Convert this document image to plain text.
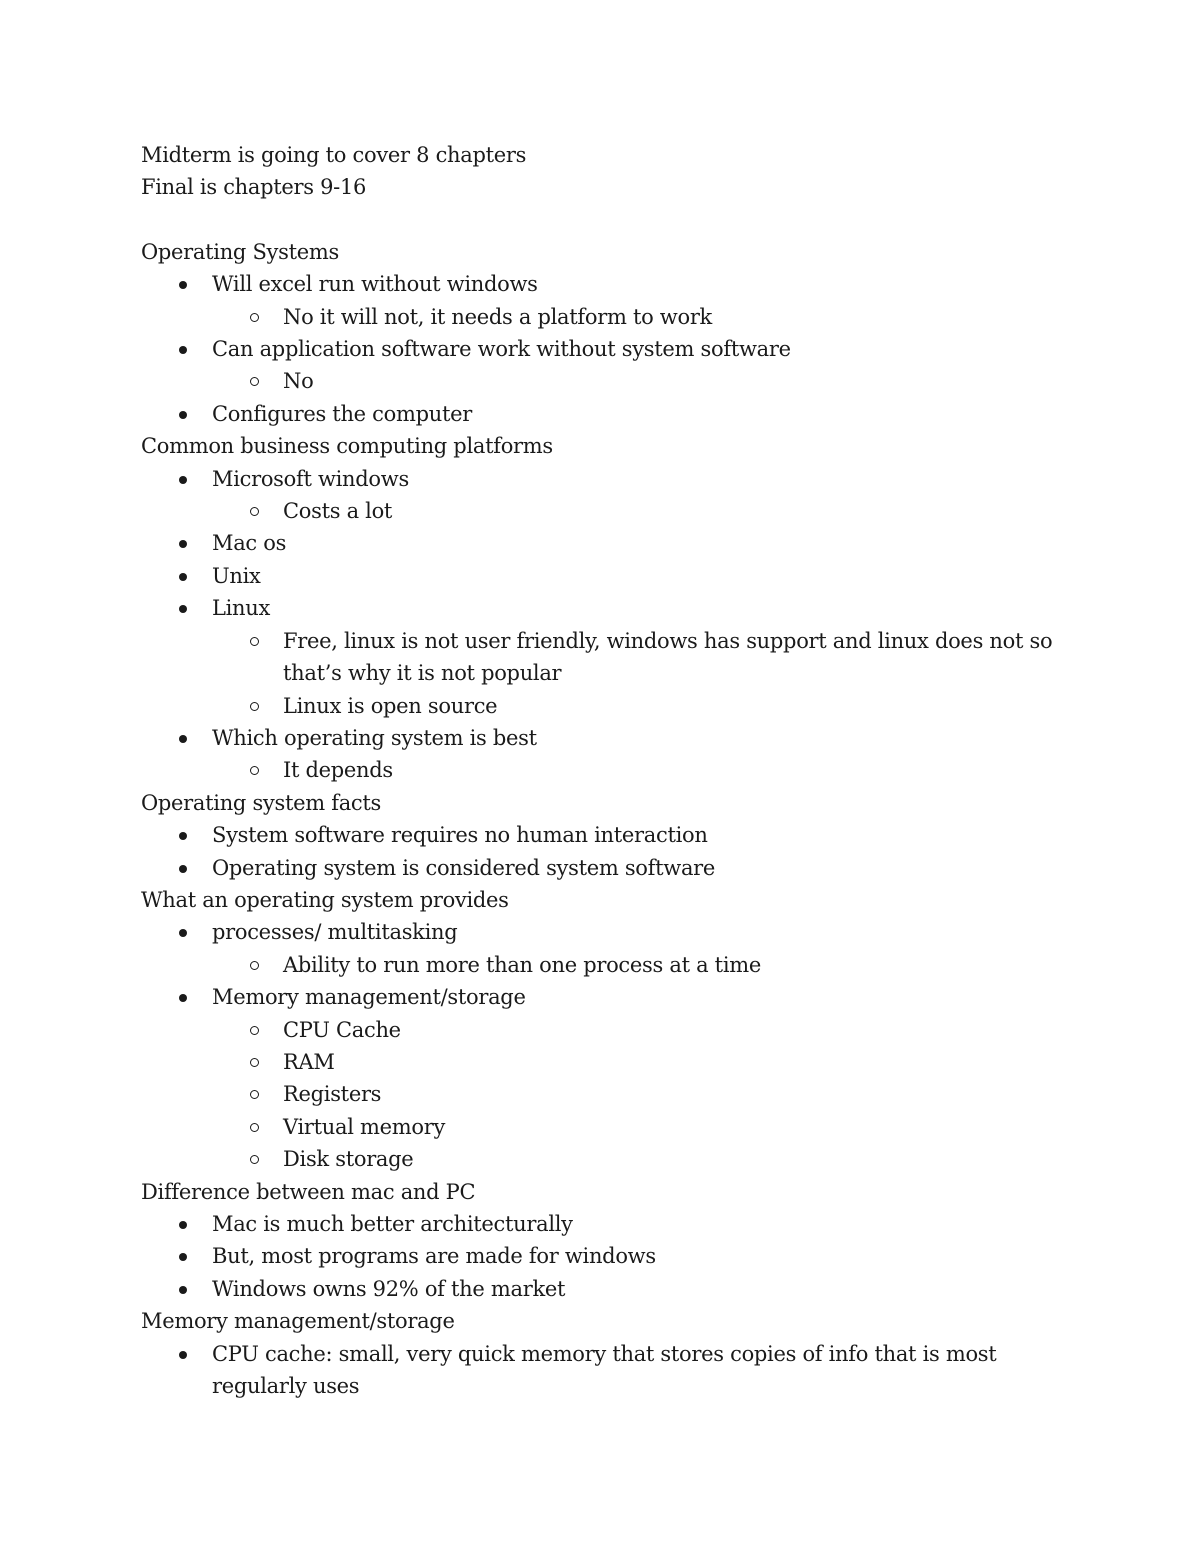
Midterm is going to cover 8 chapters

Final is chapters 9-16

Operating Systems

Will excel run without windows
No it will not, it needs a platform to work
Can application software work without system software
No
Configures the computer

Common business computing platforms

Microsoft windows
Costs a lot
Mac os
Unix
Linux
Free, linux is not user friendly, windows has support and linux does not so that’s why it is not popular
Linux is open source
Which operating system is best
It depends

Operating system facts

System software requires no human interaction
Operating system is considered system software

What an operating system provides

processes/ multitasking
Ability to run more than one process at a time
Memory management/storage
CPU Cache
RAM
Registers
Virtual memory
Disk storage

Difference between mac and PC

Mac is much better architecturally
But, most programs are made for windows
Windows owns 92% of the market

Memory management/storage

CPU cache: small, very quick memory that stores copies of info that is most regularly uses
